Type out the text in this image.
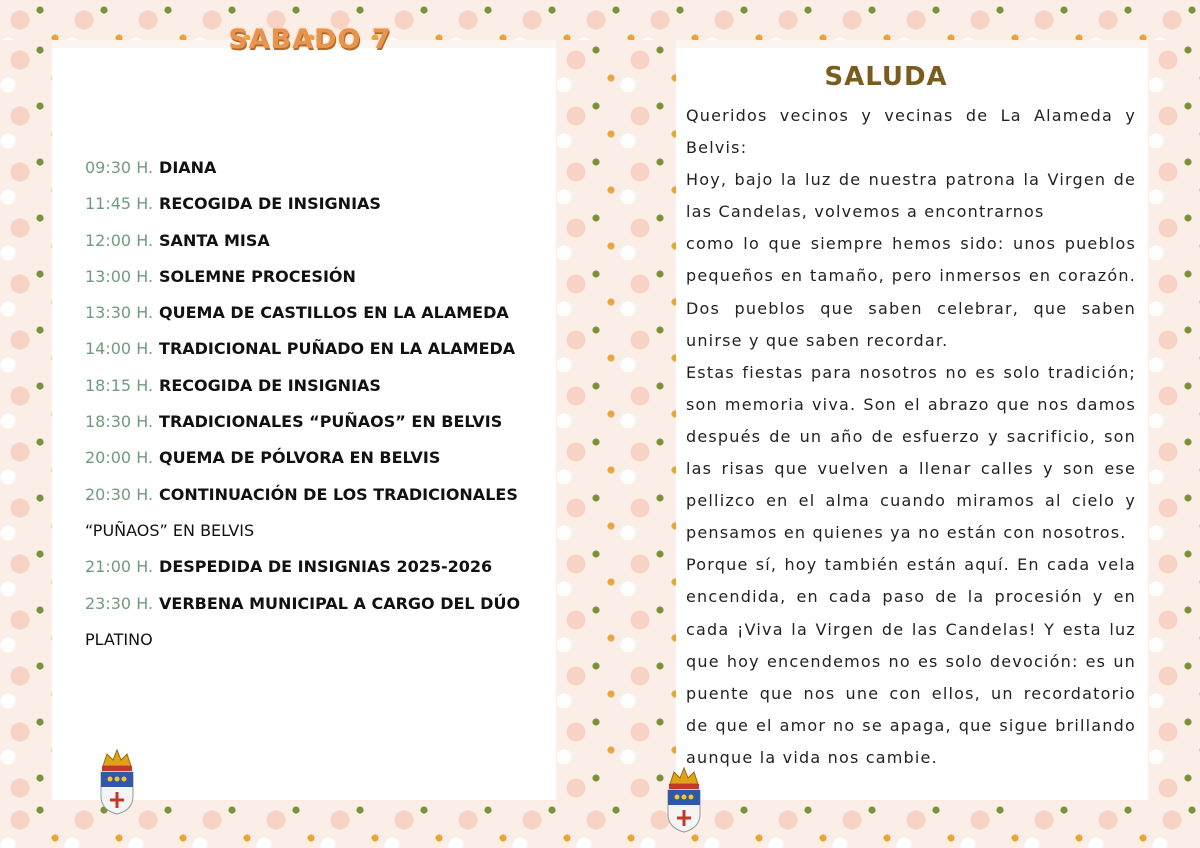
SABADO 7
09:30 H. DIANA
11:45 H. RECOGIDA DE INSIGNIAS
12:00 H. SANTA MISA
13:00 H. SOLEMNE PROCESIÓN
13:30 H. QUEMA DE CASTILLOS EN LA ALAMEDA
14:00 H. TRADICIONAL PUÑADO EN LA ALAMEDA
18:15 H. RECOGIDA DE INSIGNIAS
18:30 H. TRADICIONALES “PUÑAOS” EN BELVIS
20:00 H. QUEMA DE PÓLVORA EN BELVIS
20:30 H. CONTINUACIÓN DE LOS TRADICIONALES
“PUÑAOS” EN BELVIS
21:00 H. DESPEDIDA DE INSIGNIAS 2025-2026
23:30 H. VERBENA MUNICIPAL A CARGO DEL DÚO
PLATINO
SALUDA

Queridos vecinos y vecinas de La Alameda y Belvis:

Hoy, bajo la luz de nuestra patrona la Virgen de las Candelas, volvemos a encontrarnos

como lo que siempre hemos sido: unos pueblos pequeños en tamaño, pero inmersos en corazón. Dos pueblos que saben celebrar, que saben unirse y que saben recordar.

Estas fiestas para nosotros no es solo tradición; son memoria viva. Son el abrazo que nos damos después de un año de esfuerzo y sacrificio, son las risas que vuelven a llenar calles y son ese pellizco en el alma cuando miramos al cielo y pensamos en quienes ya no están con nosotros.

Porque sí, hoy también están aquí. En cada vela encendida, en cada paso de la procesión y en cada ¡Viva la Virgen de las Candelas! Y esta luz que hoy encendemos no es solo devoción: es un puente que nos une con ellos, un recordatorio de que el amor no se apaga, que sigue brillando aunque la vida nos cambie.
